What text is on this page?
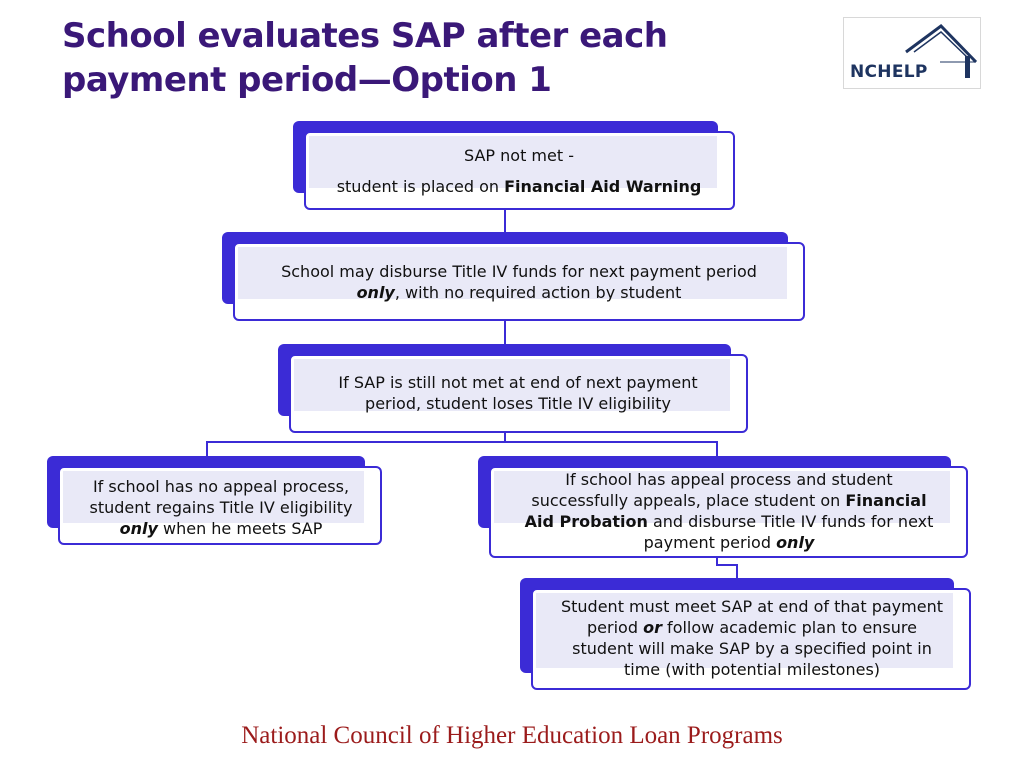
School evaluates SAP after each
payment period—Option 1	NCHELP
SAP not met -
student is placed on Financial Aid Warning
School may disburse Title IV funds for next payment period
only, with no required action by student
If SAP is still not met at end of next payment
period, student loses Title IV eligibility
If school has no appeal process,
student regains Title IV eligibility
only when he meets SAP
If school has appeal process and student
successfully appeals, place student on Financial
Aid Probation and disburse Title IV funds for next
payment period only
Student must meet SAP at end of that payment
period or follow academic plan to ensure
student will make SAP by a specified point in
time (with potential milestones)
National Council of Higher Education Loan Programs
